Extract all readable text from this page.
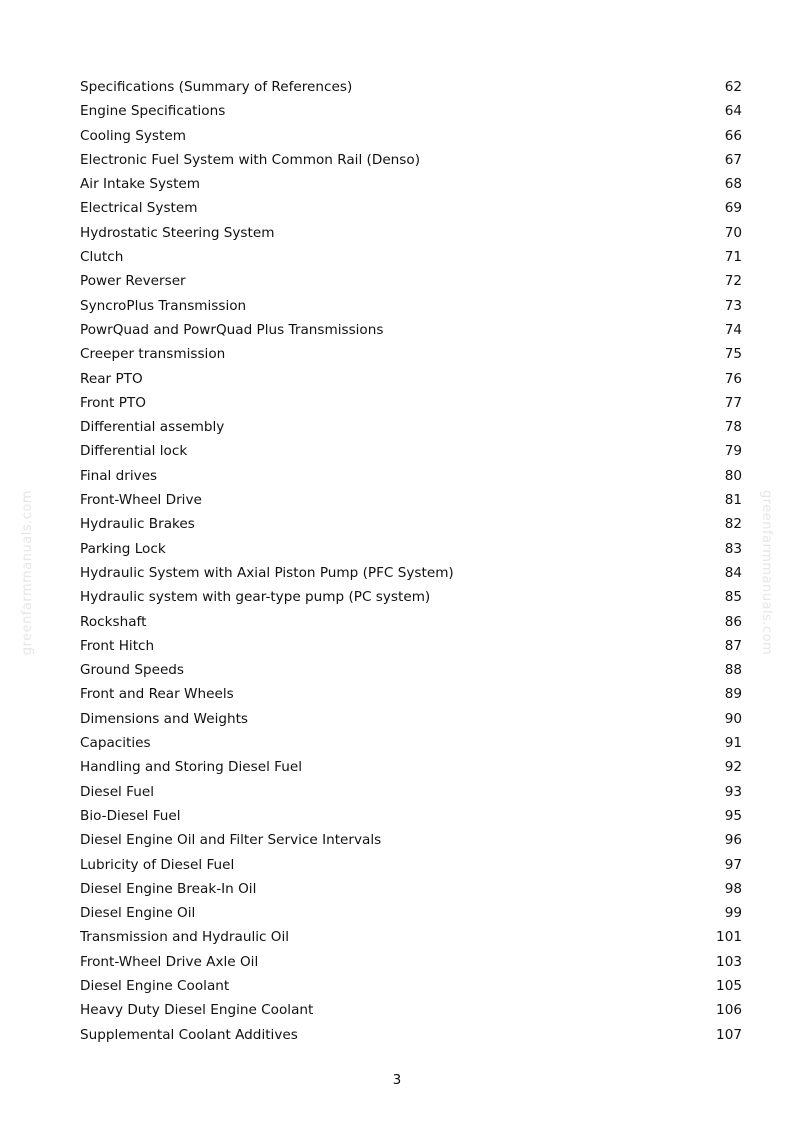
greenfarmmanuals.com	greenfarmmanuals.com
Specifications (Summary of References)	62
Engine Specifications	64
Cooling System	66
Electronic Fuel System with Common Rail (Denso)	67
Air Intake System	68
Electrical System	69
Hydrostatic Steering System	70
Clutch	71
Power Reverser	72
SyncroPlus Transmission	73
PowrQuad and PowrQuad Plus Transmissions	74
Creeper transmission	75
Rear PTO	76
Front PTO	77
Differential assembly	78
Differential lock	79
Final drives	80
Front-Wheel Drive	81
Hydraulic Brakes	82
Parking Lock	83
Hydraulic System with Axial Piston Pump (PFC System)	84
Hydraulic system with gear-type pump (PC system)	85
Rockshaft	86
Front Hitch	87
Ground Speeds	88
Front and Rear Wheels	89
Dimensions and Weights	90
Capacities	91
Handling and Storing Diesel Fuel	92
Diesel Fuel	93
Bio-Diesel Fuel	95
Diesel Engine Oil and Filter Service Intervals	96
Lubricity of Diesel Fuel	97
Diesel Engine Break-In Oil	98
Diesel Engine Oil	99
Transmission and Hydraulic Oil	101
Front-Wheel Drive Axle Oil	103
Diesel Engine Coolant	105
Heavy Duty Diesel Engine Coolant	106
Supplemental Coolant Additives	107
3
